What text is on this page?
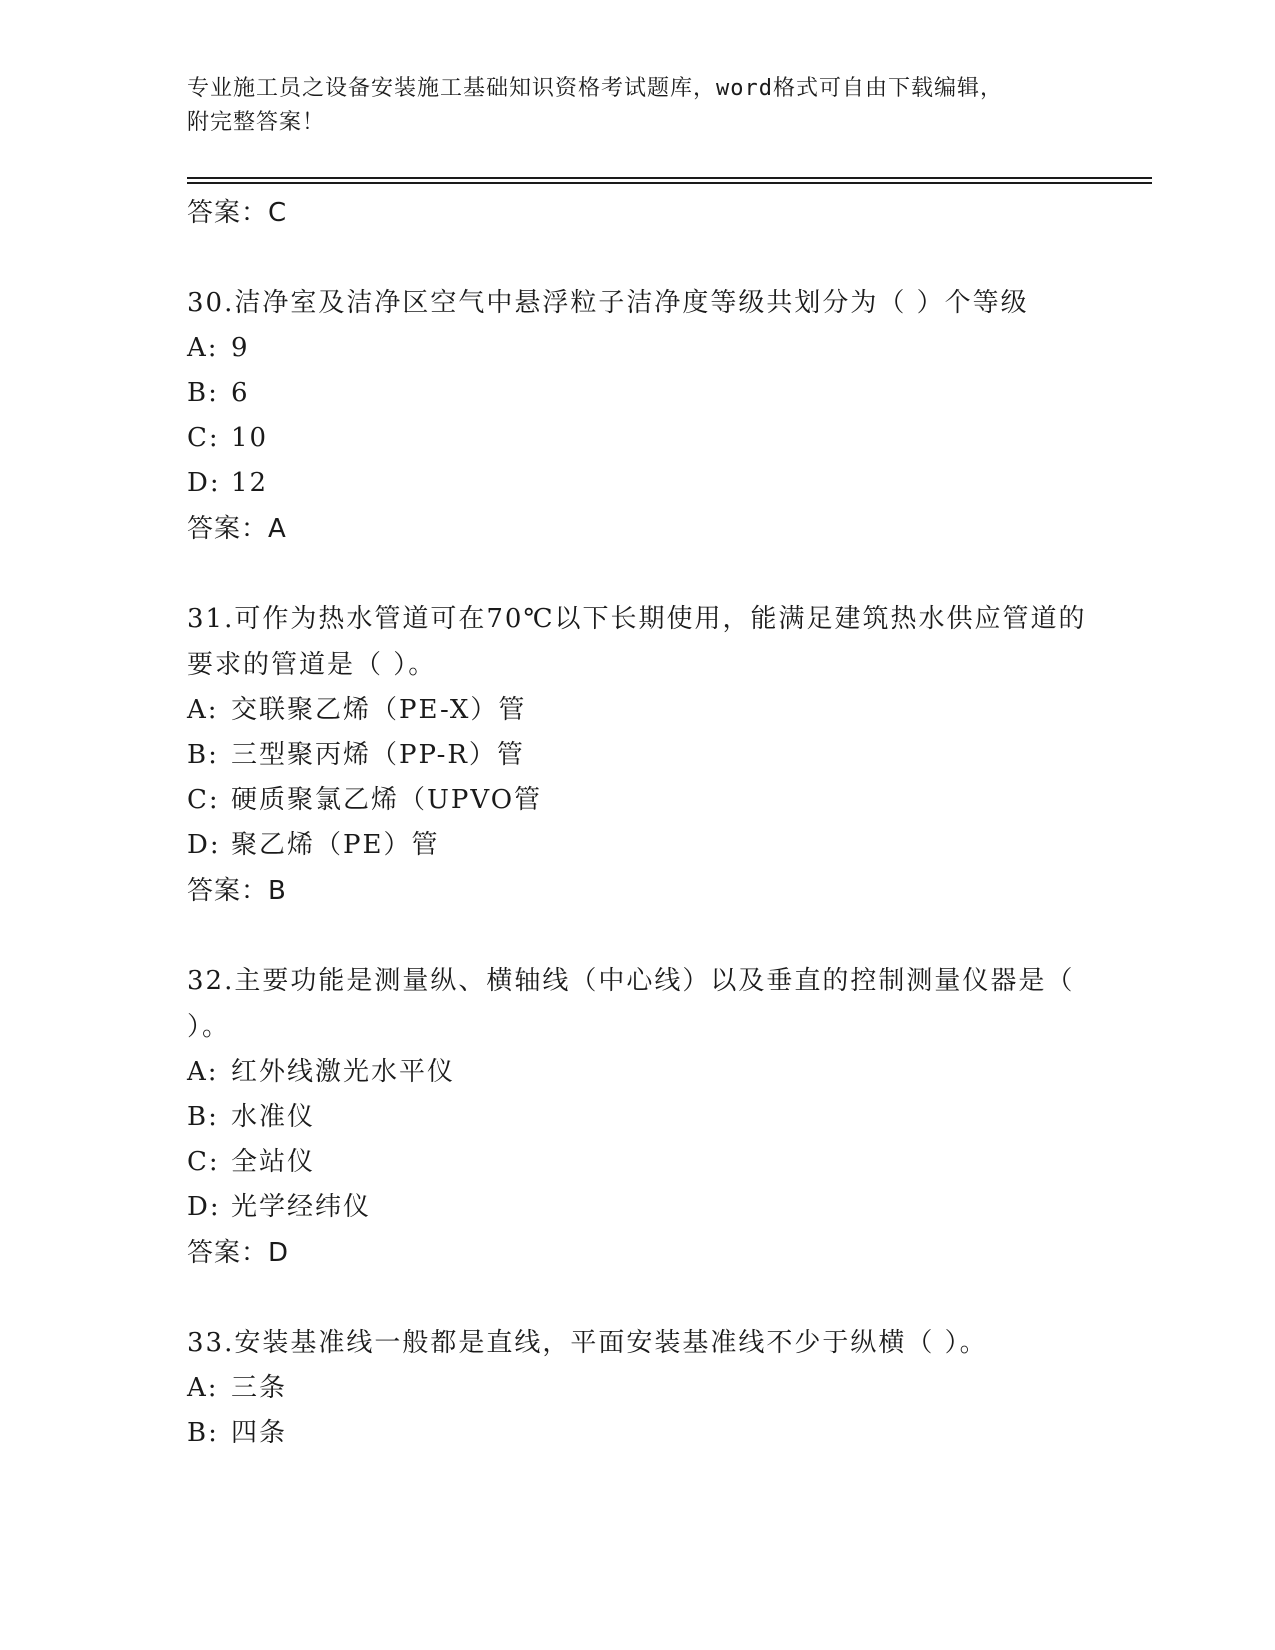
专业施工员之设备安装施工基础知识资格考试题库，word格式可自由下载编辑，
附完整答案！
答案：C
30.洁净室及洁净区空气中悬浮粒子洁净度等级共划分为（ ）个等级
A: 9
B: 6
C: 10
D: 12
答案：A
31.可作为热水管道可在70℃以下长期使用，能满足建筑热水供应管道的要求的管道是（ ）。
A: 交联聚乙烯（PE-X）管
B: 三型聚丙烯（PP-R）管
C: 硬质聚氯乙烯（UPVO管
D: 聚乙烯（PE）管
答案：B
32.主要功能是测量纵、横轴线（中心线）以及垂直的控制测量仪器是（ ）。
A: 红外线激光水平仪
B: 水准仪
C: 全站仪
D: 光学经纬仪
答案：D
33.安装基准线一般都是直线，平面安装基准线不少于纵横（ ）。
A: 三条
B: 四条
